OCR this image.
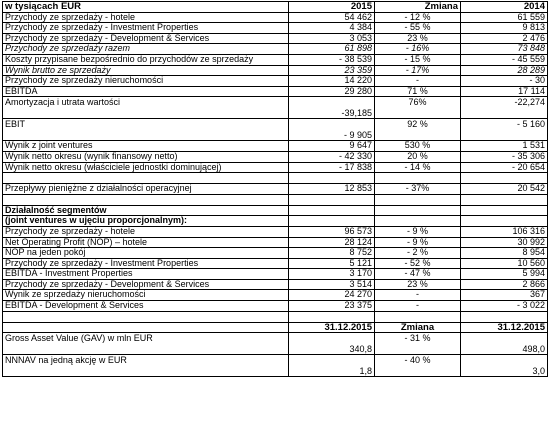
w tysiącach EUR	2015	Zmiana	2014
Przychody ze sprzedaży - hotele	54 462	- 12 %	61 559
Przychody ze sprzedaży - Investment Properties	4 384	- 55 %	9 813
Przychody ze sprzedaży - Development & Services	3 053	23 %	2 476
Przychody ze sprzedaży razem	61 898	- 16%	73 848
Koszty przypisane bezpośrednio do przychodów ze sprzedaży	- 38 539	- 15 %	- 45 559
Wynik brutto ze sprzedaży	23 359	- 17%	28 289
Przychody ze sprzedaży nieruchomości	14 220	-	- 30
EBITDA	29 280	71 %	17 114
Amortyzacja i utrata wartości	-39,185	76%	-22,274
EBIT	- 9 905	92 %	- 5 160
Wynik z joint ventures	9 647	530 %	1 531
Wynik netto okresu (wynik finansowy netto)	- 42 330	20 %	- 35 306
Wynik netto okresu (właściciele jednostki dominującej)	- 17 838	- 14 %	- 20 654

Przepływy pieniężne z działalności operacyjnej	12 853	- 37%	20 542

Działalność segmentów			
(joint ventures w ujęciu proporcjonalnym):			
Przychody ze sprzedaży - hotele	96 573	- 9 %	106 316
Net Operating Profit (NOP) – hotele	28 124	- 9 %	30 992
NOP na jeden pokój	8 752	- 2 %	8 954
Przychody ze sprzedaży - Investment Properties	5 121	- 52 %	10 560
EBITDA - Investment Properties	3 170	- 47 %	5 994
Przychody ze sprzedaży - Development & Services	3 514	23 %	2 866
Wynik ze sprzedaży nieruchomości	24 270	-	367
EBITDA - Development & Services	23 375	-	- 3 022

	31.12.2015	Zmiana	31.12.2015
Gross Asset Value (GAV) w mln EUR	340,8	- 31 %	498,0
NNNAV na jedną akcję w EUR	1,8	- 40 %	3,0
